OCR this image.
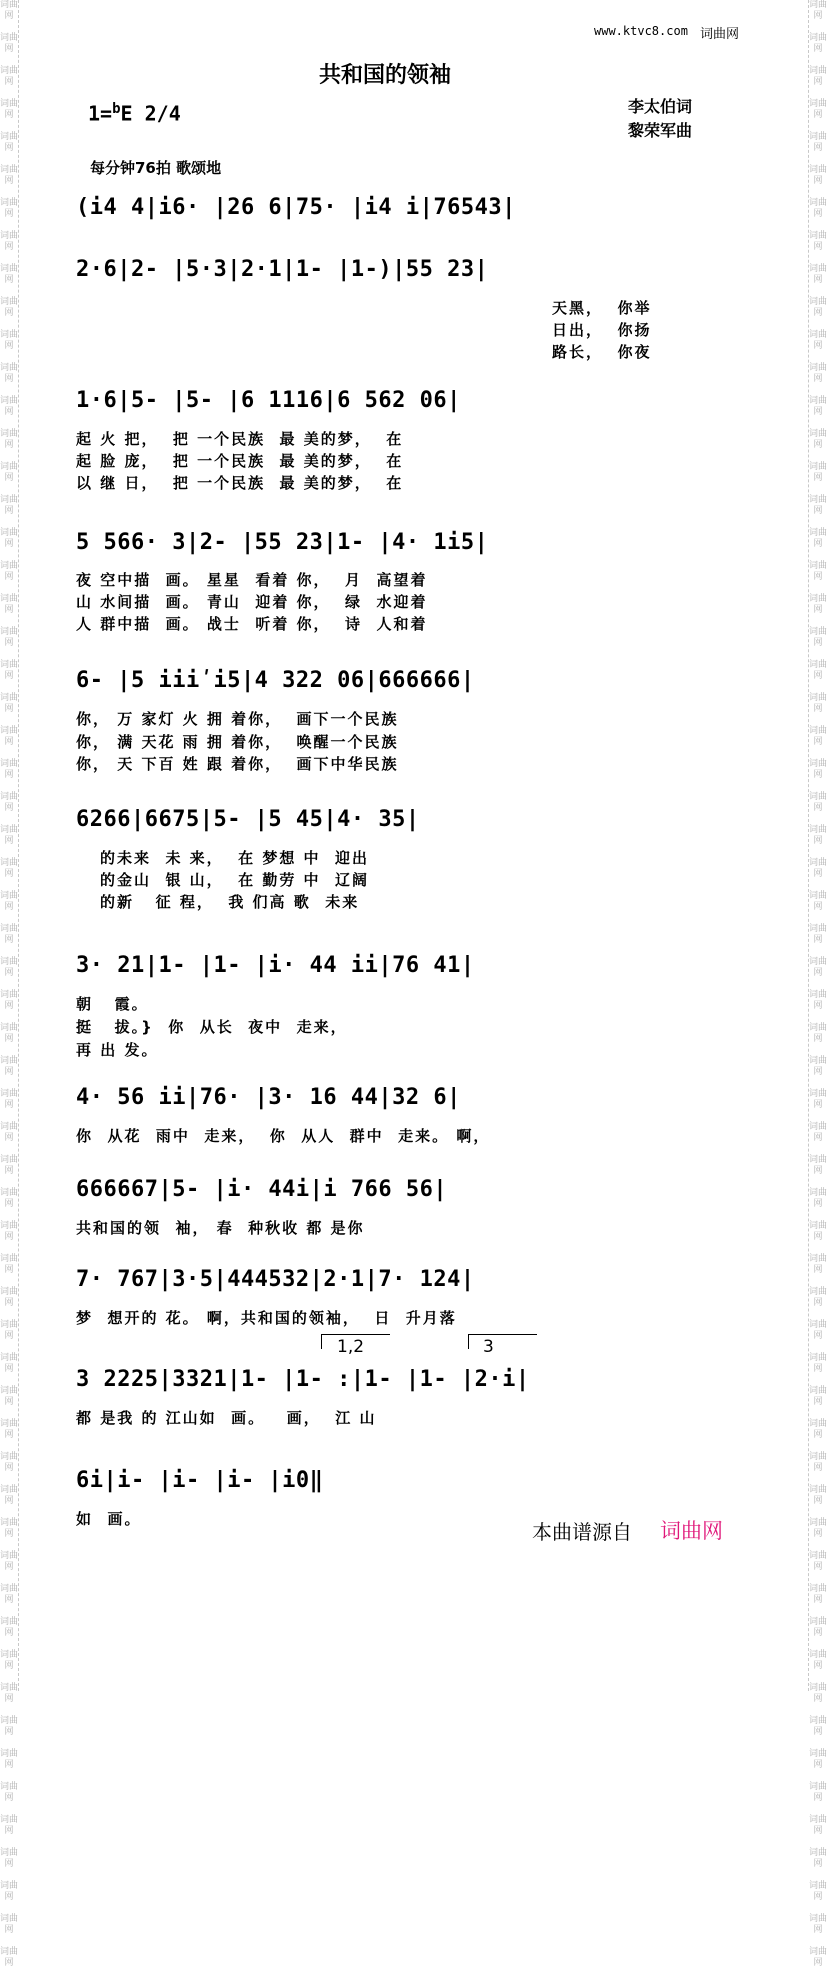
词曲网

词曲网

词曲网

词曲网

词曲网

词曲网

词曲网

词曲网

词曲网

词曲网

词曲网

词曲网

词曲网

词曲网

词曲网

词曲网

词曲网

词曲网

词曲网

词曲网

词曲网

词曲网

词曲网

词曲网

词曲网

词曲网

词曲网

词曲网

词曲网

词曲网

词曲网

词曲网

词曲网

词曲网

词曲网

词曲网

词曲网

词曲网

词曲网

词曲网

词曲网

词曲网

词曲网

词曲网

词曲网

词曲网

词曲网

词曲网

词曲网

词曲网

词曲网

词曲网

词曲网

词曲网

词曲网

词曲网

词曲网

词曲网

词曲网

词曲网

词曲网

词曲网

词曲网

词曲网

词曲网

词曲网

词曲网

词曲网

词曲网

词曲网

词曲网

词曲网

词曲网

词曲网

词曲网

词曲网

词曲网

词曲网

词曲网

词曲网

词曲网

词曲网

词曲网

词曲网

词曲网

词曲网

词曲网

词曲网

词曲网

词曲网

词曲网

词曲网

词曲网

词曲网

词曲网

词曲网

词曲网

词曲网

词曲网

词曲网

词曲网

词曲网

词曲网

词曲网

词曲网

词曲网

词曲网

词曲网

词曲网

词曲网

词曲网

词曲网

词曲网

词曲网

词曲网

词曲网

词曲网

词曲网

词曲网

词曲网

www.ktvc8.com 词曲网
共和国的领袖
1=$^b$E 2/4	李太伯词
黎荣军曲
每分钟76拍 歌颂地
(i4 4|i6· |26 6|75· |i4 i|76543|
2·6|2- |5·3|2·1|1- |1-)|55 23|
天黑，  你举
日出，  你扬
路长，  你夜
1·6|5- |5- |6 1116|6 562 06|
起 火 把，  把 一个民族  最 美的梦，  在
起 脸 庞，  把 一个民族  最 美的梦，  在
以 继 日，  把 一个民族  最 美的梦，  在
5 566· 3|2- |55 23|1- |4· 1i5|
夜 空中描  画。 星星  看着 你，  月  高望着
山 水间描  画。 青山  迎着 你，  绿  水迎着
人 群中描  画。 战士  听着 你，  诗  人和着
6- |5 iiiʹi5|4 322 06|666666|
你， 万 家灯 火 拥 着你，  画下一个民族
你， 满 天花 雨 拥 着你，  唤醒一个民族
你， 天 下百 姓 跟 着你，  画下中华民族
6266|6675|5- |5 45|4· 35|
的未来  未 来，  在 梦想 中  迎出
的金山  银 山，  在 勤劳 中  辽阔
的新   征 程，  我 们高 歌  未来
3· 21|1- |1- |i· 44 ii|76 41|
朝   霞。
挺   拔。}  你  从长  夜中  走来，
再 出 发。
4· 56 ii|76· |3· 16 44|32 6|
你  从花  雨中  走来，  你  从人  群中  走来。 啊，
666667|5- |i· 44i|i 766 56|
共和国的领  袖， 春  种秋收 都 是你
7· 767|3·5|444532|2·1|7· 124|
梦  想开的 花。 啊，共和国的领袖，  日  升月落
1,2	3
3 2225|3321|1- |1- :|1- |1- |2·i|
都 是我 的 江山如  画。   画，  江 山
6i|i- |i- |i- |i0‖
如  画。
本曲谱源自 词曲网
